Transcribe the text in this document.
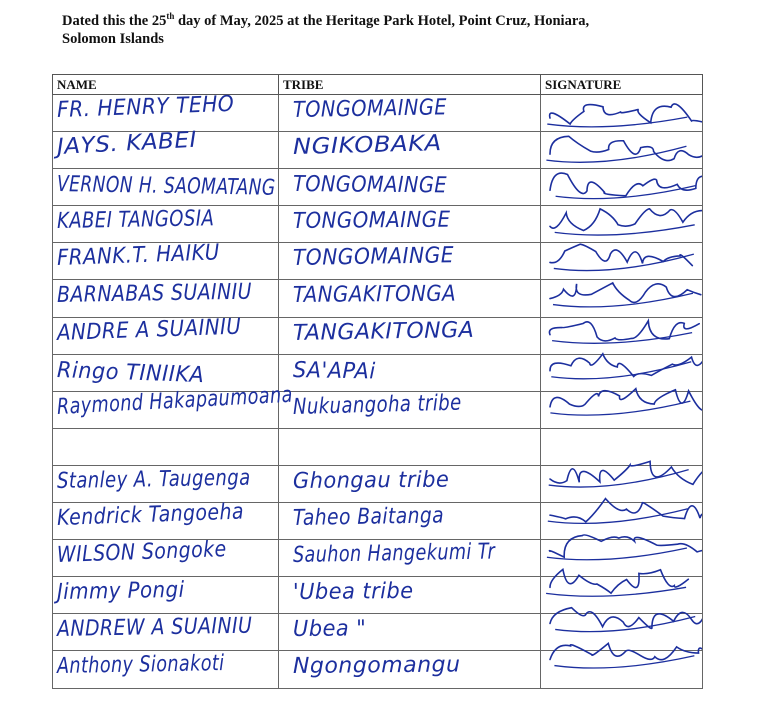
Dated this the 25th day of May, 2025 at the Heritage Park Hotel, Point Cruz, Honiara,
Solomon Islands
NAME	TRIBE	SIGNATURE

FR. HENRY TEHO	TONGOMAINGE	

JAYS. KABEI	NGIKOBAKA	

VERNON H. SAOMATANG	TONGOMAINGE	

KABEI TANGOSIA	TONGOMAINGE	

FRANK.T. HAIKU	TONGOMAINGE	

BARNABAS SUAINIU	TANGAKITONGA	

ANDRE A SUAINIU	TANGAKITONGA	

Ringo TINIIKA	SA'APAi	

Raymond Hakapaumoana	Nukuangoha tribe	

Stanley A. Taugenga	Ghongau tribe	

Kendrick Tangoeha	Taheo Baitanga	

WILSON Songoke	Sauhon Hangekumi Tr	

Jimmy Pongi	'Ubea tribe	

ANDREW A SUAINIU	Ubea "	

Anthony Sionakoti	Ngongomangu	
